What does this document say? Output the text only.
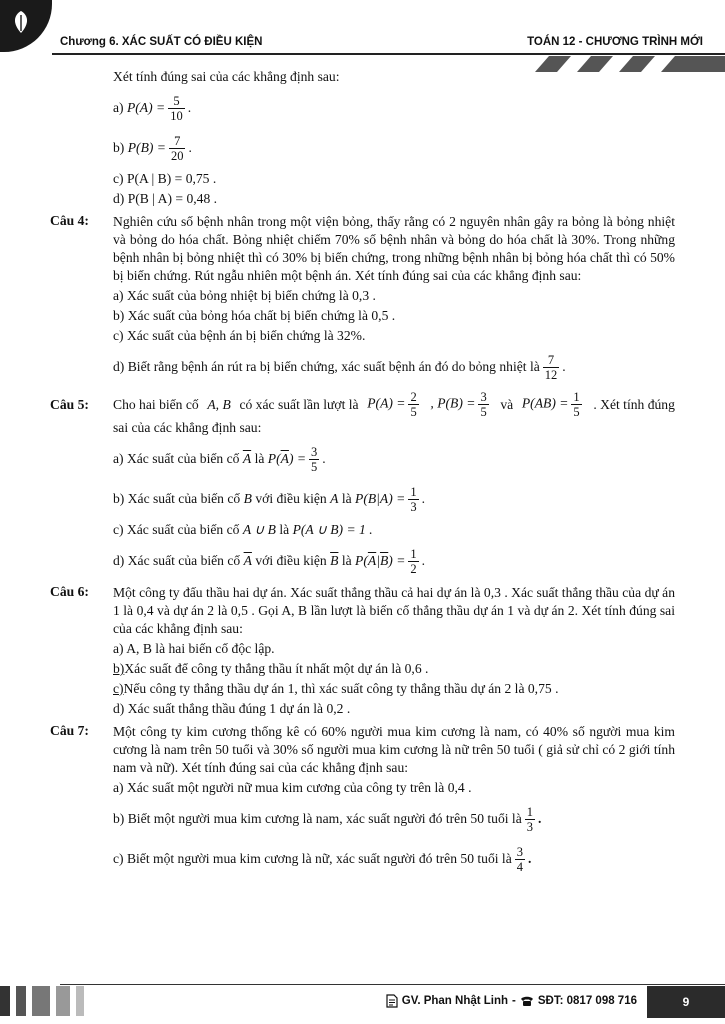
Chương 6. XÁC SUẤT CÓ ĐIỀU KIỆN	TOÁN 12 - CHƯƠNG TRÌNH MỚI

Xét tính đúng sai của các khẳng định sau:

a)
$P(A) = \frac{5}{10}$ .
b)
$P(B) = \frac{7}{20}$ .
c) P(A | B) = 0,75 .
d) P(B | A) = 0,48 .
Câu 4:	Nghiên cứu số bệnh nhân trong một viện bỏng, thấy rằng có 2 nguyên nhân gây ra bỏng là bỏng nhiệt và bỏng do hóa chất. Bỏng nhiệt chiếm 70% số bệnh nhân và bỏng do hóa chất là 30%. Trong những bệnh nhân bị bỏng nhiệt thì có 30% bị biến chứng, trong những bệnh nhân bị bỏng hóa chất thì có 50% bị biến chứng. Rút ngẫu nhiên một bệnh án. Xét tính đúng sai của các khẳng định sau:
a) Xác suất của bỏng nhiệt bị biến chứng là 0,3 .
b) Xác suất của bỏng hóa chất bị biến chứng là 0,5 .
c) Xác suất của bệnh án bị biến chứng là 32%.
d) Biết rằng bệnh án rút ra bị biến chứng, xác suất bệnh án đó do bỏng nhiệt là $\frac{7}{12}$ .
Câu 5:	Cho hai biến cố A, B có xác suất lần lượt là $P(A) = \frac{2}{5}$ , $P(B) = \frac{3}{5}$ và $P(AB) = \frac{1}{5}$ . Xét tính đúng

sai của các khẳng định sau:

a) Xác suất của biến cố
$\overline{A}$
là
P( $\overline{A}$ ) = $\frac{3}{5}$ .
b) Xác suất của biến cố
B
với điều kiện
A
là
$P(B|A) = \frac{1}{3}$ .
c) Xác suất của biến cố
A ∪ B
là
P(A ∪ B) = 1 .
d) Xác suất của biến cố
$\overline{A}$
với điều kiện
$\overline{B}$
là
P( $\overline{A}$ | $\overline{B}$ ) = $\frac{1}{2}$ .
Câu 6:	Một công ty đấu thầu hai dự án. Xác suất thắng thầu cả hai dự án là 0,3 . Xác suất thắng thầu của dự án 1 là 0,4 và dự án 2 là 0,5 . Gọi A, B lần lượt là biến cố thắng thầu dự án 1 và dự án 2. Xét tính đúng sai của các khẳng định sau:
a) A, B là hai biến cố độc lập.
b) Xác suất để công ty thắng thầu ít nhất một dự án là 0,6 .
c) Nếu công ty thắng thầu dự án 1, thì xác suất công ty thắng thầu dự án 2 là 0,75 .
d) Xác suất thắng thầu đúng 1 dự án là 0,2 .
Câu 7:	Một công ty kim cương thống kê có 60% người mua kim cương là nam, có 40% số người mua kim cương là nam trên 50 tuổi và 30% số người mua kim cương là nữ trên 50 tuổi ( giả sử chỉ có 2 giới tính nam và nữ). Xét tính đúng sai của các khẳng định sau:
a) Xác suất một người nữ mua kim cương của công ty trên là 0,4 .
b) Biết một người mua kim cương là nam, xác suất người đó trên 50 tuổi là $\frac{1}{3}$ .
c) Biết một người mua kim cương là nữ, xác suất người đó trên 50 tuổi là $\frac{3}{4}$ .
GV. Phan Nhật Linh - SĐT: 0817 098 716	9
